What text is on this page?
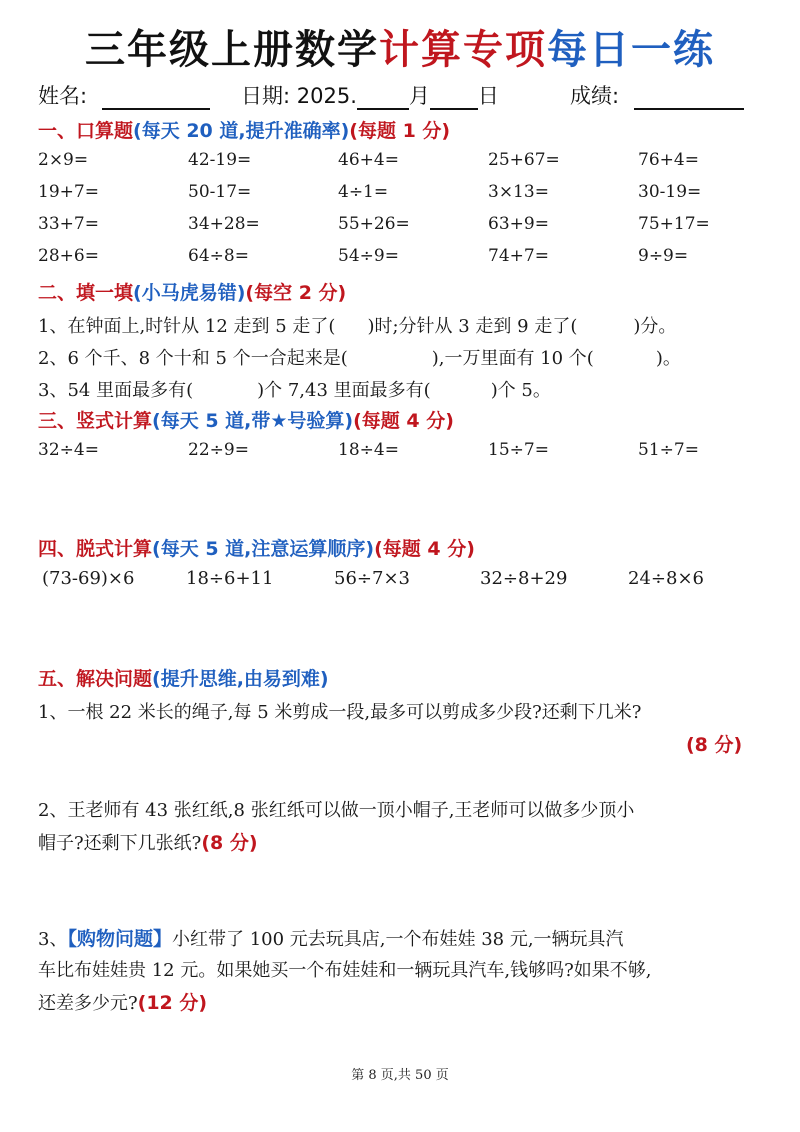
三年级上册数学计算专项每日一练
姓名:	日期: 2025. 月 日	成绩:
一、口算题(每天 20 道,提升准确率)(每题 1 分)
2×9=	42-19=	46+4=	25+67=	76+4=
19+7=	50-17=	4÷1=	3×13=	30-19=
33+7=	34+28=	55+26=	63+9=	75+17=
28+6=	64÷8=	54÷9=	74+7=	9÷9=
二、填一填(小马虎易错)(每空 2 分)
1、在钟面上,时针从 12 走到 5 走了( )时;分针从 3 走到 9 走了(	)分。
2、6 个千、8 个十和 5 个一合起来是(	),一万里面有 10 个(	)。
3、54 里面最多有(	)个 7,43 里面最多有(	)个 5。
三、竖式计算(每天 5 道,带★号验算)(每题 4 分)
32÷4=	22÷9=	18÷4=	15÷7=	51÷7=
四、脱式计算(每天 5 道,注意运算顺序)(每题 4 分)
(73-69)×6	18÷6+11	56÷7×3	32÷8+29	24÷8×6
五、解决问题(提升思维,由易到难)
1、一根 22 米长的绳子,每 5 米剪成一段,最多可以剪成多少段?还剩下几米?
(8 分)
2、王老师有 43 张红纸,8 张红纸可以做一顶小帽子,王老师可以做多少顶小
帽子?还剩下几张纸?(8 分)
3、【购物问题】小红带了 100 元去玩具店,一个布娃娃 38 元,一辆玩具汽
车比布娃娃贵 12 元。如果她买一个布娃娃和一辆玩具汽车,钱够吗?如果不够,
还差多少元?(12 分)
第 8 页,共 50 页
